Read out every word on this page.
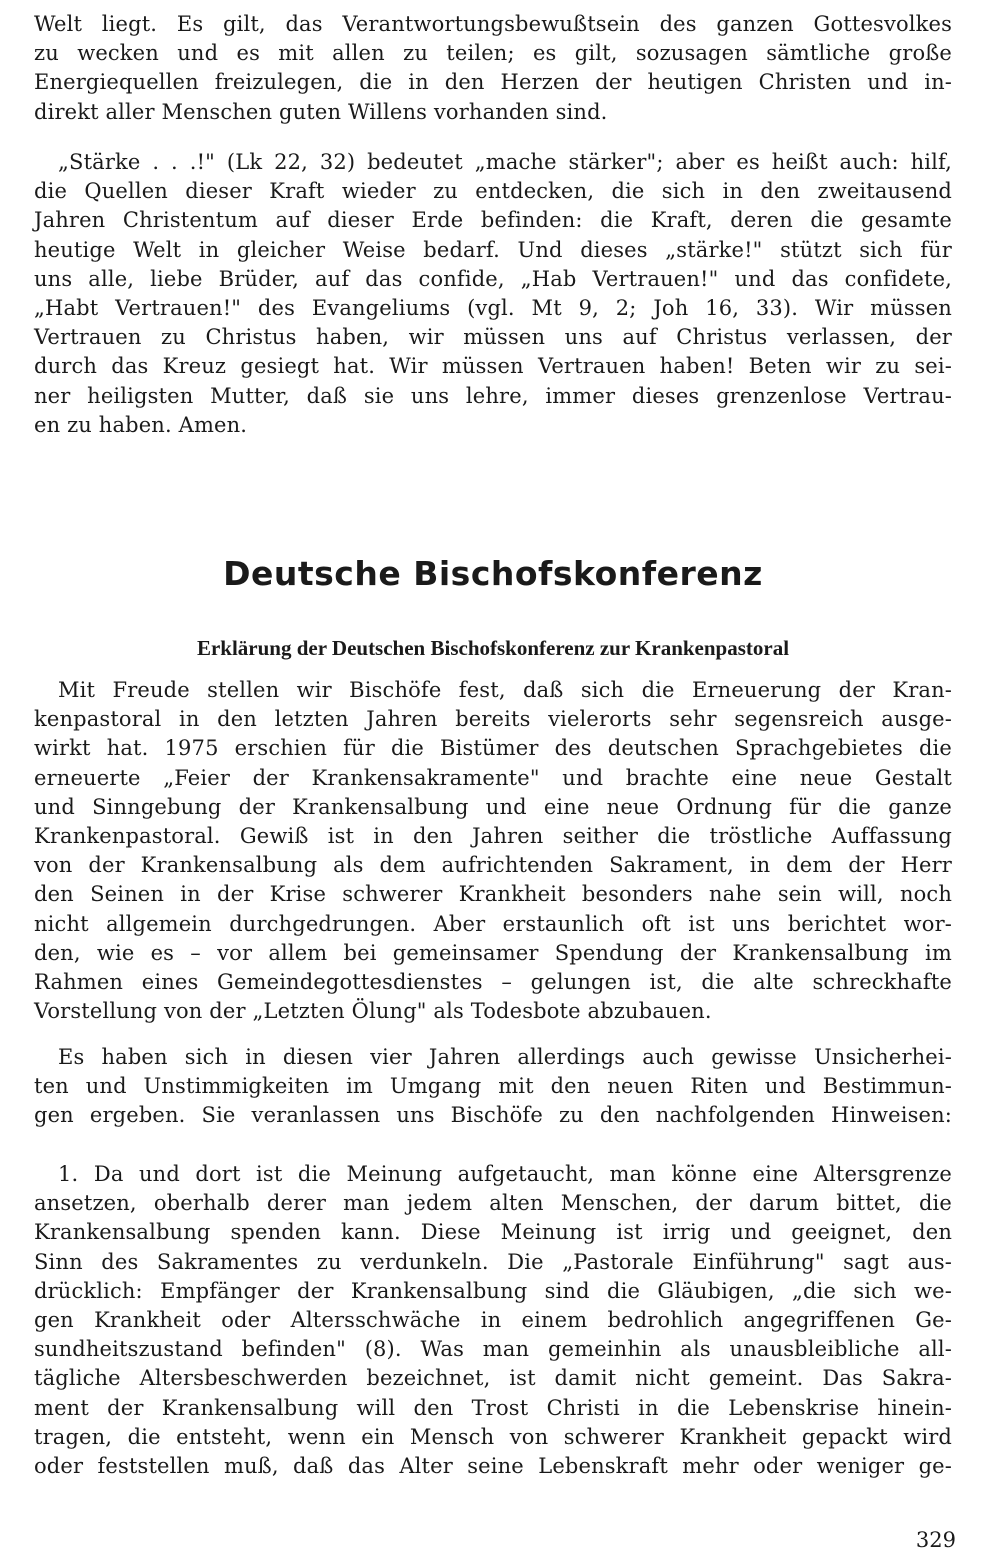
Welt liegt. Es gilt, das Verantwortungsbewußtsein des ganzen Gottesvolkes
zu wecken und es mit allen zu teilen; es gilt, sozusagen sämtliche große
Energiequellen freizulegen, die in den Herzen der heutigen Christen und in-
direkt aller Menschen guten Willens vorhanden sind.

„Stärke . . .!" (Lk 22, 32) bedeutet „mache stärker"; aber es heißt auch: hilf,
die Quellen dieser Kraft wieder zu entdecken, die sich in den zweitausend
Jahren Christentum auf dieser Erde befinden: die Kraft, deren die gesamte
heutige Welt in gleicher Weise bedarf. Und dieses „stärke!" stützt sich für
uns alle, liebe Brüder, auf das confide, „Hab Vertrauen!" und das confidete,
„Habt Vertrauen!" des Evangeliums (vgl. Mt 9, 2; Joh 16, 33). Wir müssen
Vertrauen zu Christus haben, wir müssen uns auf Christus verlassen, der
durch das Kreuz gesiegt hat. Wir müssen Vertrauen haben! Beten wir zu sei-
ner heiligsten Mutter, daß sie uns lehre, immer dieses grenzenlose Vertrau-
en zu haben. Amen.

Deutsche Bischofskonferenz
Erklärung der Deutschen Bischofskonferenz zur Krankenpastoral

Mit Freude stellen wir Bischöfe fest, daß sich die Erneuerung der Kran-
kenpastoral in den letzten Jahren bereits vielerorts sehr segensreich ausge-
wirkt hat. 1975 erschien für die Bistümer des deutschen Sprachgebietes die
erneuerte „Feier der Krankensakramente" und brachte eine neue Gestalt
und Sinngebung der Krankensalbung und eine neue Ordnung für die ganze
Krankenpastoral. Gewiß ist in den Jahren seither die tröstliche Auffassung
von der Krankensalbung als dem aufrichtenden Sakrament, in dem der Herr
den Seinen in der Krise schwerer Krankheit besonders nahe sein will, noch
nicht allgemein durchgedrungen. Aber erstaunlich oft ist uns berichtet wor-
den, wie es – vor allem bei gemeinsamer Spendung der Krankensalbung im
Rahmen eines Gemeindegottesdienstes – gelungen ist, die alte schreckhafte
Vorstellung von der „Letzten Ölung" als Todesbote abzubauen.

Es haben sich in diesen vier Jahren allerdings auch gewisse Unsicherhei-
ten und Unstimmigkeiten im Umgang mit den neuen Riten und Bestimmun-
gen ergeben. Sie veranlassen uns Bischöfe zu den nachfolgenden Hinweisen:

1. Da und dort ist die Meinung aufgetaucht, man könne eine Altersgrenze
ansetzen, oberhalb derer man jedem alten Menschen, der darum bittet, die
Krankensalbung spenden kann. Diese Meinung ist irrig und geeignet, den
Sinn des Sakramentes zu verdunkeln. Die „Pastorale Einführung" sagt aus-
drücklich: Empfänger der Krankensalbung sind die Gläubigen, „die sich we-
gen Krankheit oder Altersschwäche in einem bedrohlich angegriffenen Ge-
sundheitszustand befinden" (8). Was man gemeinhin als unausbleibliche all-
tägliche Altersbeschwerden bezeichnet, ist damit nicht gemeint. Das Sakra-
ment der Krankensalbung will den Trost Christi in die Lebenskrise hinein-
tragen, die entsteht, wenn ein Mensch von schwerer Krankheit gepackt wird
oder feststellen muß, daß das Alter seine Lebenskraft mehr oder weniger ge-

329
